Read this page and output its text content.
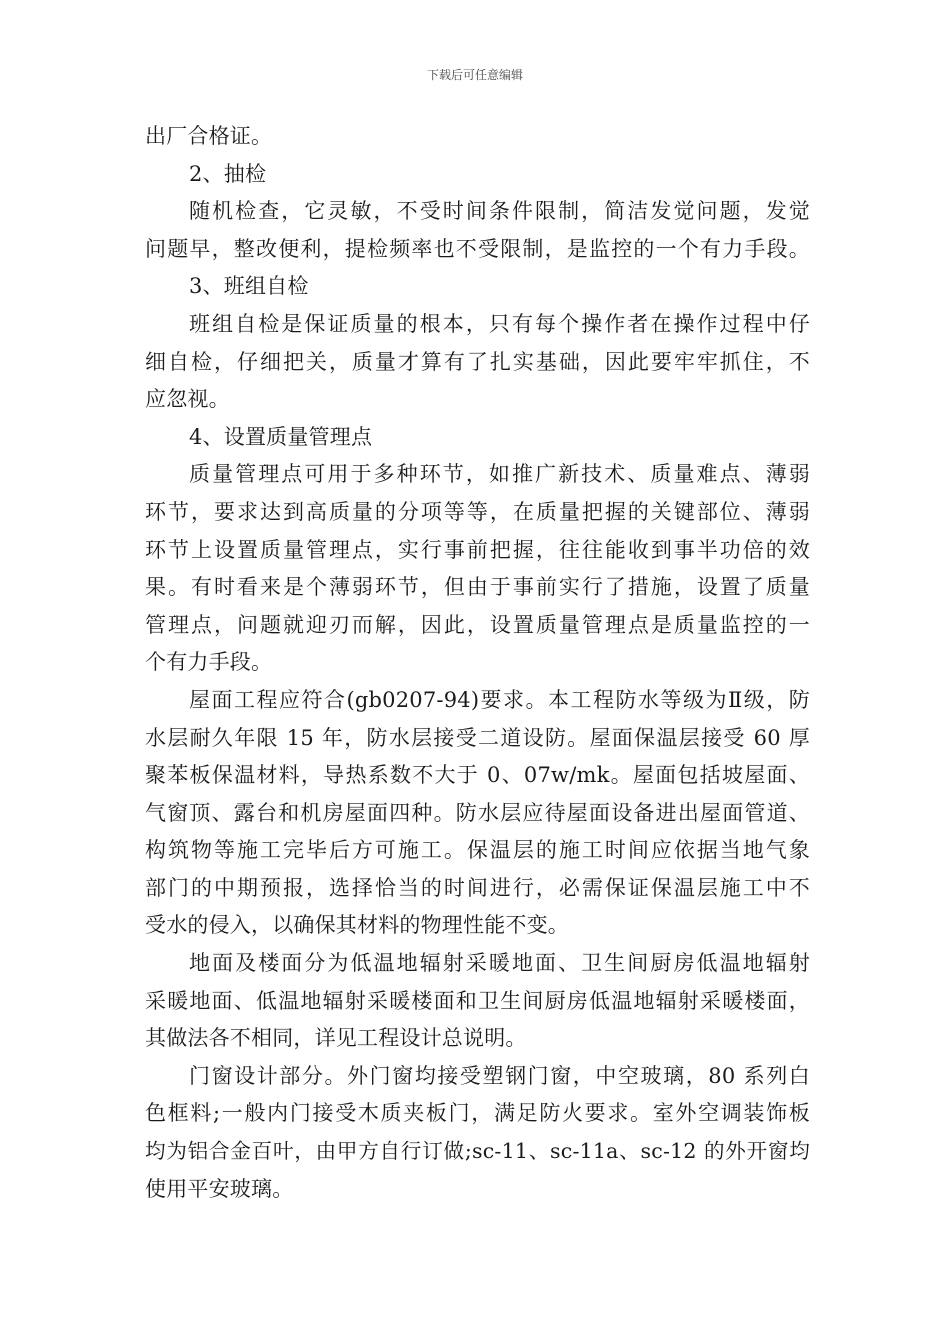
下载后可任意编辑
出厂合格证。
2、抽检
随机检查，它灵敏，不受时间条件限制，简洁发觉问题，发觉
问题早，整改便利，提检频率也不受限制，是监控的一个有力手段。
3、班组自检
班组自检是保证质量的根本，只有每个操作者在操作过程中仔
细自检，仔细把关，质量才算有了扎实基础，因此要牢牢抓住，不
应忽视。
4、设置质量管理点
质量管理点可用于多种环节，如推广新技术、质量难点、薄弱
环节，要求达到高质量的分项等等，在质量把握的关键部位、薄弱
环节上设置质量管理点，实行事前把握，往往能收到事半功倍的效
果。有时看来是个薄弱环节，但由于事前实行了措施，设置了质量
管理点，问题就迎刃而解，因此，设置质量管理点是质量监控的一
个有力手段。
屋面工程应符合(gb0207-94)要求。本工程防水等级为Ⅱ级，防
水层耐久年限 15 年，防水层接受二道设防。屋面保温层接受 60 厚
聚苯板保温材料，导热系数不大于 0、07w/mk。屋面包括坡屋面、
气窗顶、露台和机房屋面四种。防水层应待屋面设备进出屋面管道、
构筑物等施工完毕后方可施工。保温层的施工时间应依据当地气象
部门的中期预报，选择恰当的时间进行，必需保证保温层施工中不
受水的侵入，以确保其材料的物理性能不变。
地面及楼面分为低温地辐射采暖地面、卫生间厨房低温地辐射
采暖地面、低温地辐射采暖楼面和卫生间厨房低温地辐射采暖楼面，
其做法各不相同，详见工程设计总说明。
门窗设计部分。外门窗均接受塑钢门窗，中空玻璃，80 系列白
色框料;一般内门接受木质夹板门，满足防火要求。室外空调装饰板
均为铝合金百叶，由甲方自行订做;sc-11、sc-11a、sc-12 的外开窗均
使用平安玻璃。
